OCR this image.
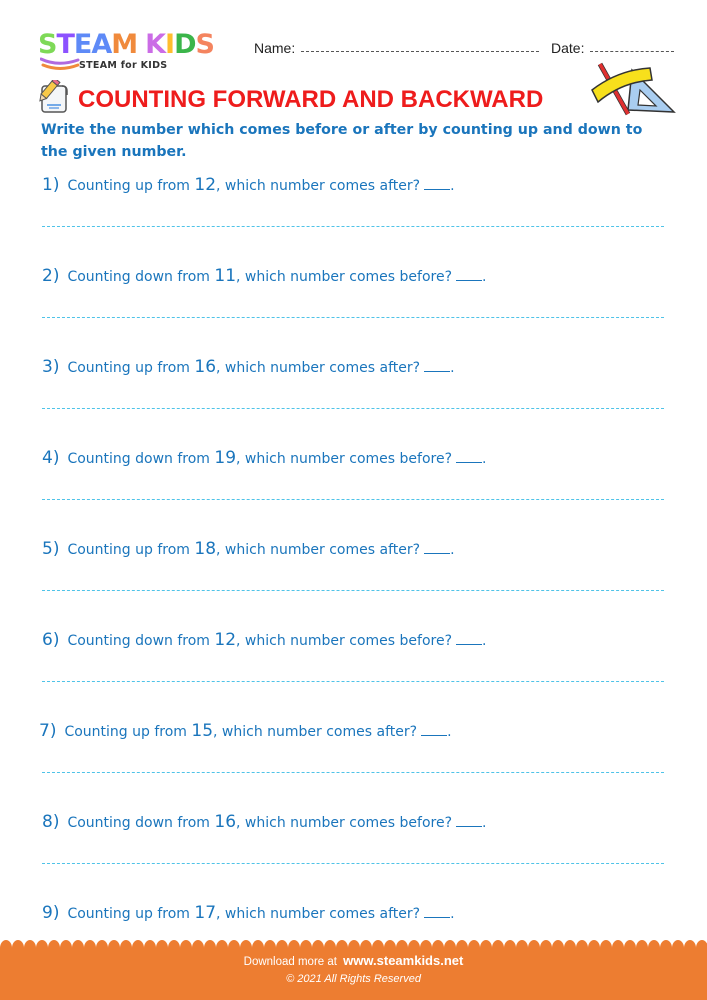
STEAM KIDS
STEAM for KIDS
Name:	Date:
COUNTING FORWARD AND BACKWARD
Write the number which comes before or after by counting up and down to the given number.
1) Counting up from 12, which number comes after? .
2) Counting down from 11, which number comes before? .
3) Counting up from 16, which number comes after? .
4) Counting down from 19, which number comes before? .
5) Counting up from 18, which number comes after? .
6) Counting down from 12, which number comes before? .
7) Counting up from 15, which number comes after? .
8) Counting down from 16, which number comes before? .
9) Counting up from 17, which number comes after? .
Download more at www.steamkids.net
© 2021 All Rights Reserved
